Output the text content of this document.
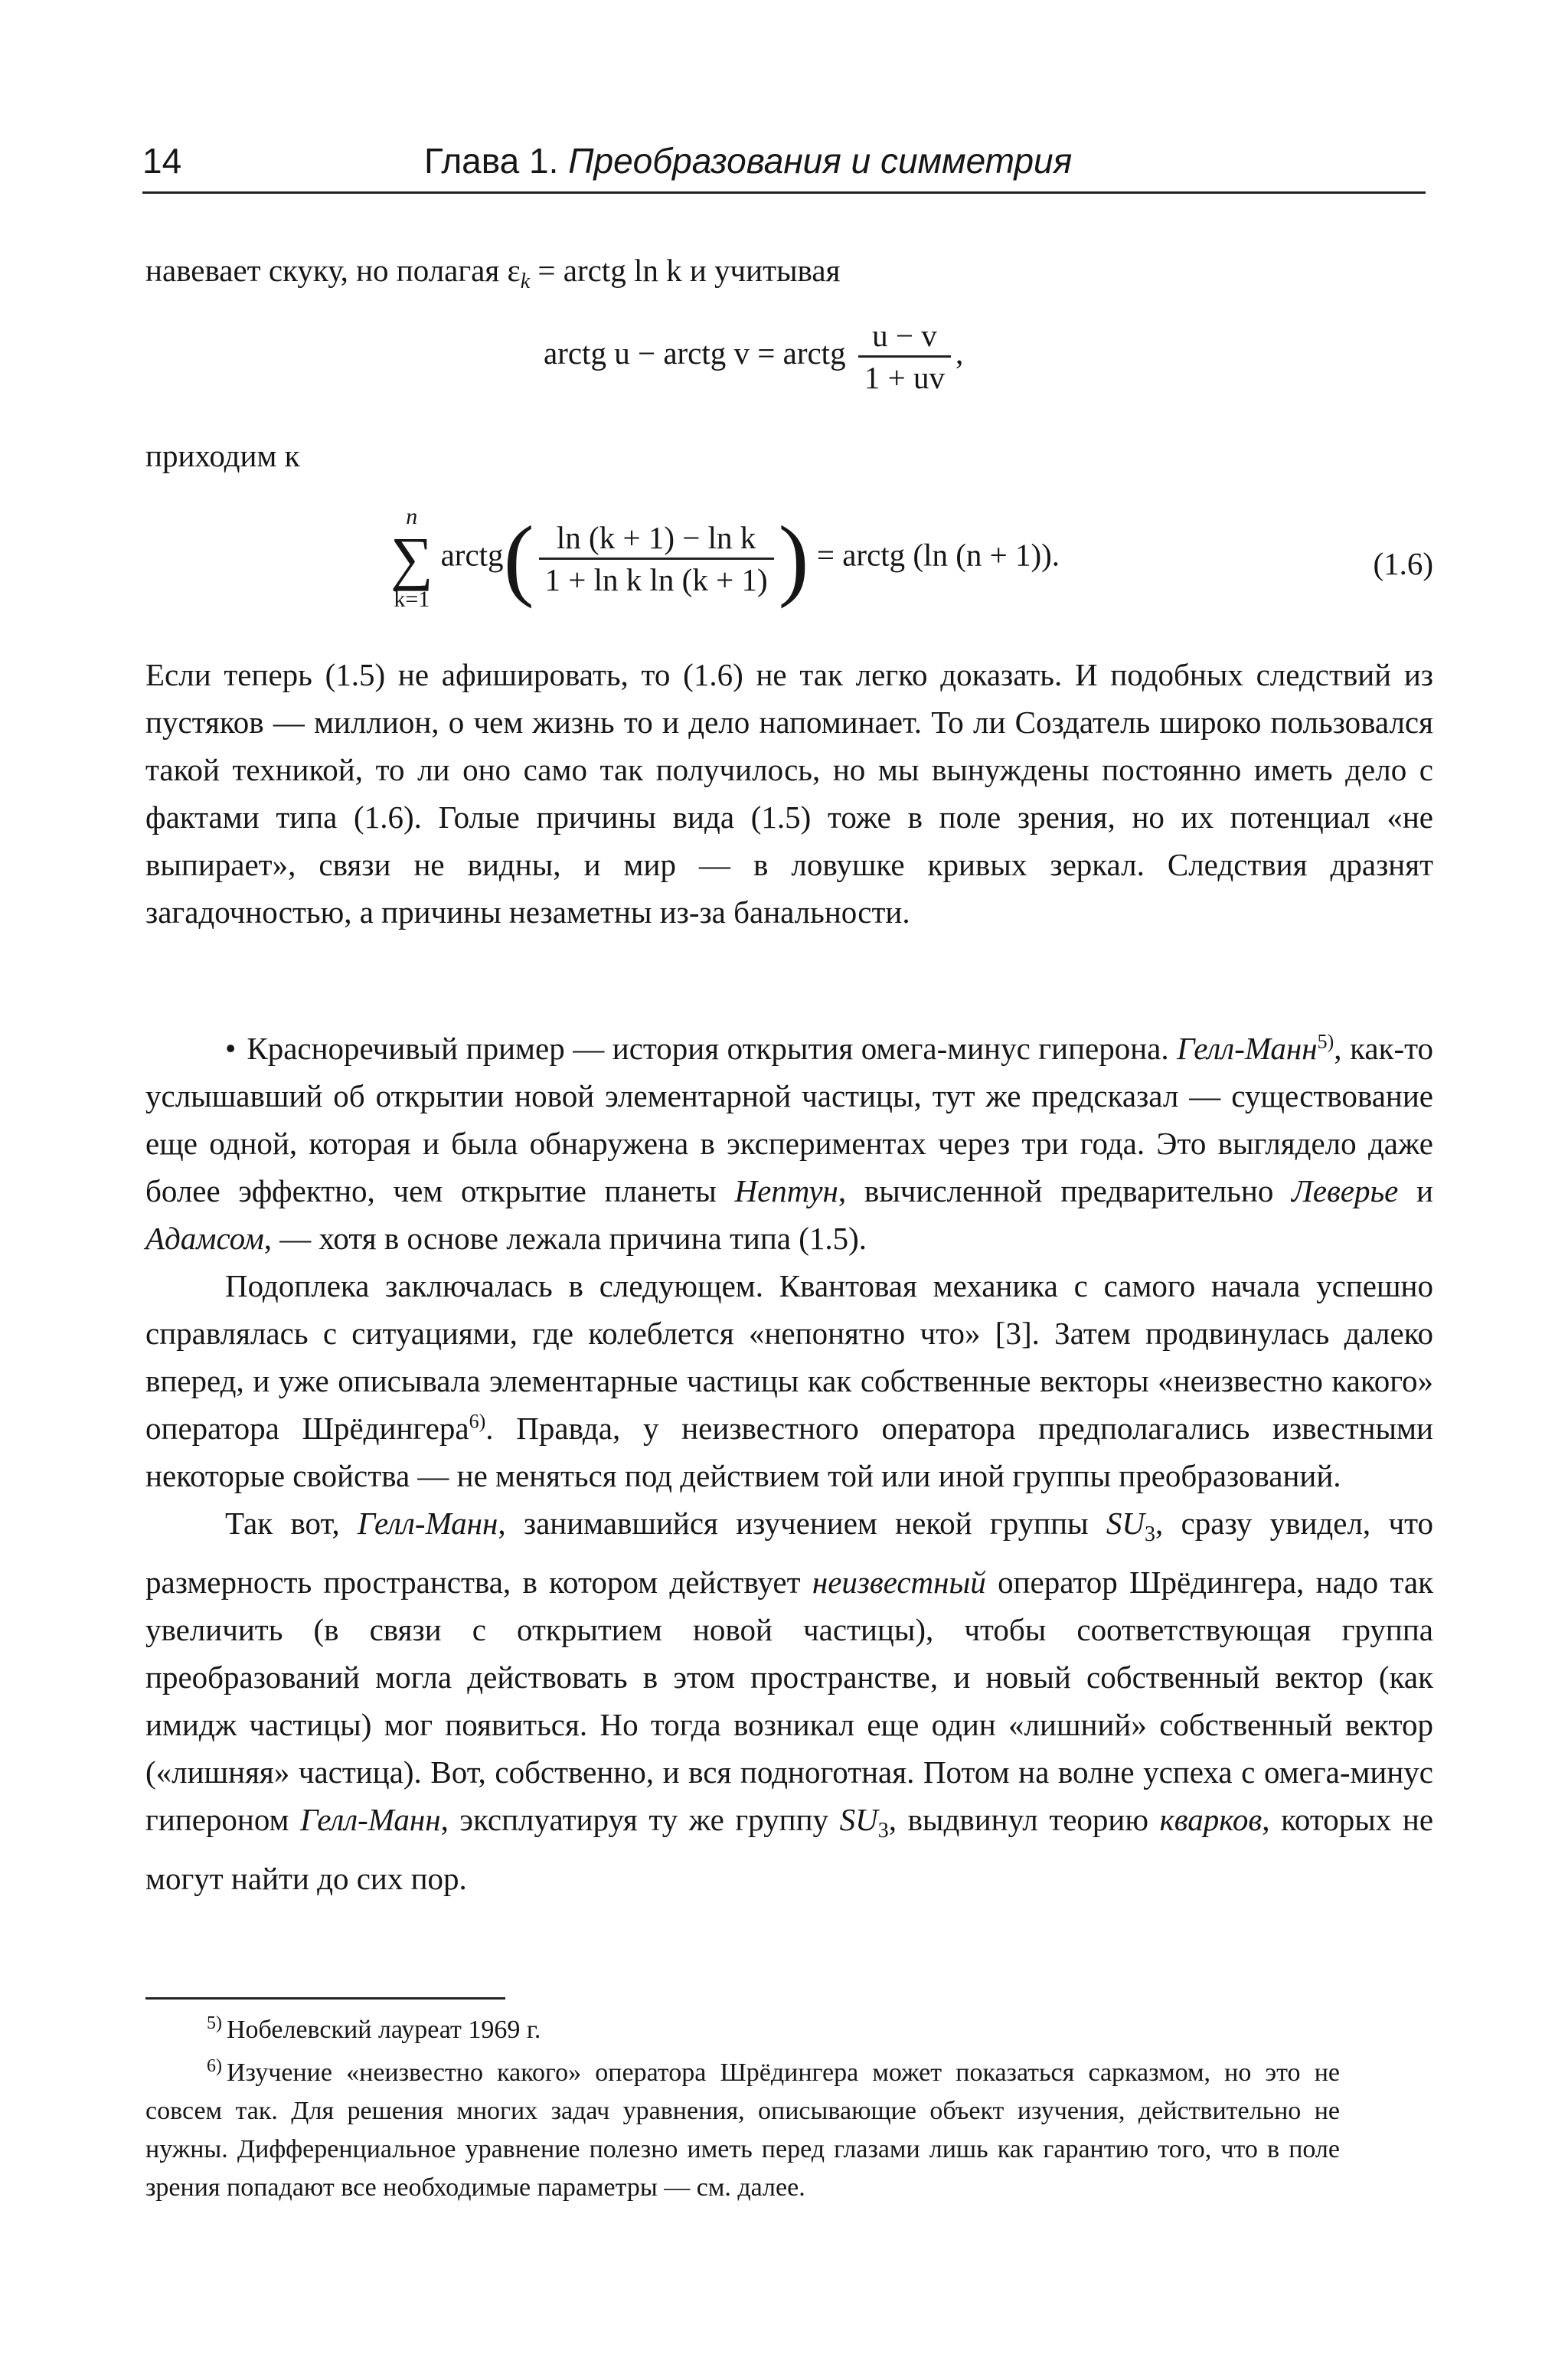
14	Глава 1. Преобразования и симметрия

навевает скуку, но полагая $\varepsilon_k$ = arctg ln k и учитывая

arctg u − arctg v = arctg $\frac{u - v}{1 + uv}$ ,

приходим к

n
∑
k=1
arctg( $\frac{\text{ln (k + 1) − ln k}}{\text{1 + ln k ln (k + 1)}}$ ) = arctg (ln (n + 1)).	(1.6)

Если теперь (1.5) не афишировать, то (1.6) не так легко доказать. И подобных следствий из пустяков — миллион, о чем жизнь то и дело напоминает. То ли Создатель широко пользовался такой техникой, то ли оно само так получилось, но мы вынуждены постоянно иметь дело с фактами типа (1.6). Голые причины вида (1.5) тоже в поле зрения, но их потенциал «не выпирает», связи не видны, и мир — в ловушке кривых зеркал. Следствия дразнят загадочностью, а причины незаметны из-за банальности.

• Красноречивый пример — история открытия омега-минус гиперона. Гелл-Манн$^{5)}$, как-то услышавший об открытии новой элементарной частицы, тут же предсказал — существование еще одной, которая и была обнаружена в экспериментах через три года. Это выглядело даже более эффектно, чем открытие планеты Нептун, вычисленной предварительно Леверье и Адамсом, — хотя в основе лежала причина типа (1.5).

Подоплека заключалась в следующем. Квантовая механика с самого начала успешно справлялась с ситуациями, где колеблется «непонятно что» [3]. Затем продвинулась далеко вперед, и уже описывала элементарные частицы как собственные векторы «неизвестно какого» оператора Шрёдингера$^{6)}$. Правда, у неизвестного оператора предполагались известными некоторые свойства — не меняться под действием той или иной группы преобразований.

Так вот, Гелл-Манн, занимавшийся изучением некой группы $SU_3$, сразу увидел, что размерность пространства, в котором действует неизвестный оператор Шрёдингера, надо так увеличить (в связи с открытием новой частицы), чтобы соответствующая группа преобразований могла действовать в этом пространстве, и новый собственный вектор (как имидж частицы) мог появиться. Но тогда возникал еще один «лишний» собственный вектор («лишняя» частица). Вот, собственно, и вся подноготная. Потом на волне успеха с омега-минус гипероном Гелл-Манн, эксплуатируя ту же группу $SU_3$, выдвинул теорию кварков, которых не могут найти до сих пор.

$^{5)}$ Нобелевский лауреат 1969 г.

$^{6)}$ Изучение «неизвестно какого» оператора Шрёдингера может показаться сарказмом, но это не совсем так. Для решения многих задач уравнения, описывающие объект изучения, действительно не нужны. Дифференциальное уравнение полезно иметь перед глазами лишь как гарантию того, что в поле зрения попадают все необходимые параметры — см. далее.
